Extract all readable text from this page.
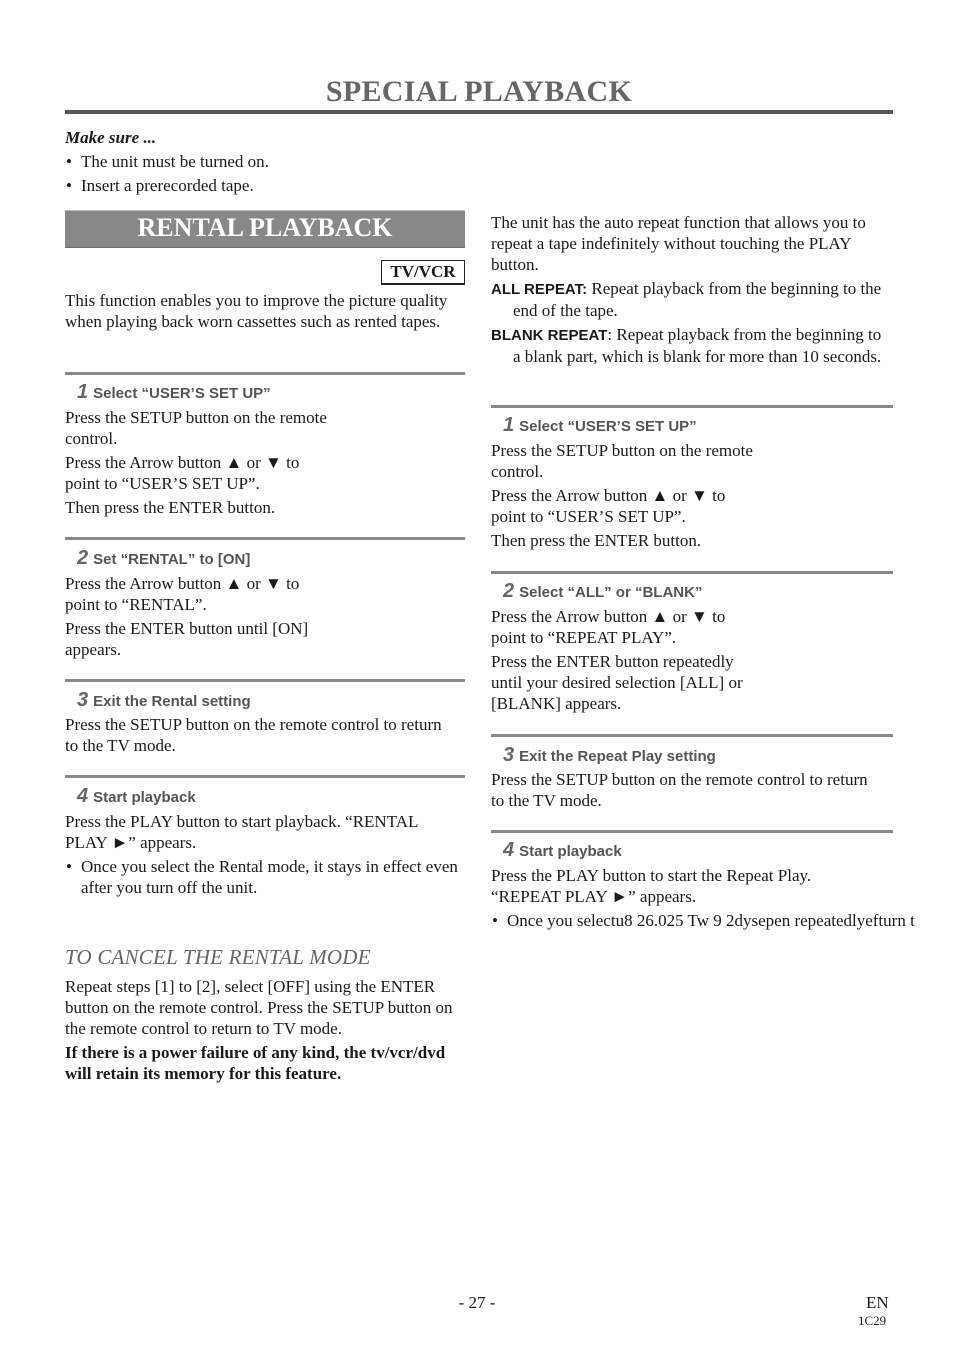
SPECIAL PLAYBACK
Make sure ...
• The unit must be turned on.
• Insert a prerecorded tape.
RENTAL PLAYBACK
TV/VCR
This function enables you to improve the picture quality when playing back worn cassettes such as rented tapes.
1 Select “USER’S SET UP”

Press the SETUP button on the remote control.

Press the Arrow button ▲ or ▼ to point to “USER’S SET UP”.

Then press the ENTER button.

2 Set “RENTAL” to [ON]

Press the Arrow button ▲ or ▼ to point to “RENTAL”.

Press the ENTER button until [ON] appears.

3 Exit the Rental setting

Press the SETUP button on the remote control to return to the TV mode.

4 Start playback

Press the PLAY button to start playback. “RENTAL PLAY ►” appears.

• Once you select the Rental mode, it stays in effect even after you turn off the unit.
TO CANCEL THE RENTAL MODE

Repeat steps [1] to [2], select [OFF] using the ENTER button on the remote control. Press the SETUP button on the remote control to return to TV mode.

If there is a power failure of any kind, the tv/vcr/dvd will retain its memory for this feature.

The unit has the auto repeat function that allows you to repeat a tape indefinitely without touching the PLAY button.

ALL REPEAT: Repeat playback from the beginning to the end of the tape.

BLANK REPEAT: Repeat playback from the beginning to a blank part, which is blank for more than 10 seconds.

1 Select “USER’S SET UP”

Press the SETUP button on the remote control.

Press the Arrow button ▲ or ▼ to point to “USER’S SET UP”.

Then press the ENTER button.

2 Select “ALL” or “BLANK”

Press the Arrow button ▲ or ▼ to point to “REPEAT PLAY”.

Press the ENTER button repeatedly until your desired selection [ALL] or [BLANK] appears.

3 Exit the Repeat Play setting

Press the SETUP button on the remote control to return to the TV mode.

4 Start playback

Press the PLAY button to start the Repeat Play. “REPEAT PLAY ►” appears.

• Once you selectu8 26.025 Tw 9 2dysepen repeatedlyefturn t
- 27 -	EN
1C29
